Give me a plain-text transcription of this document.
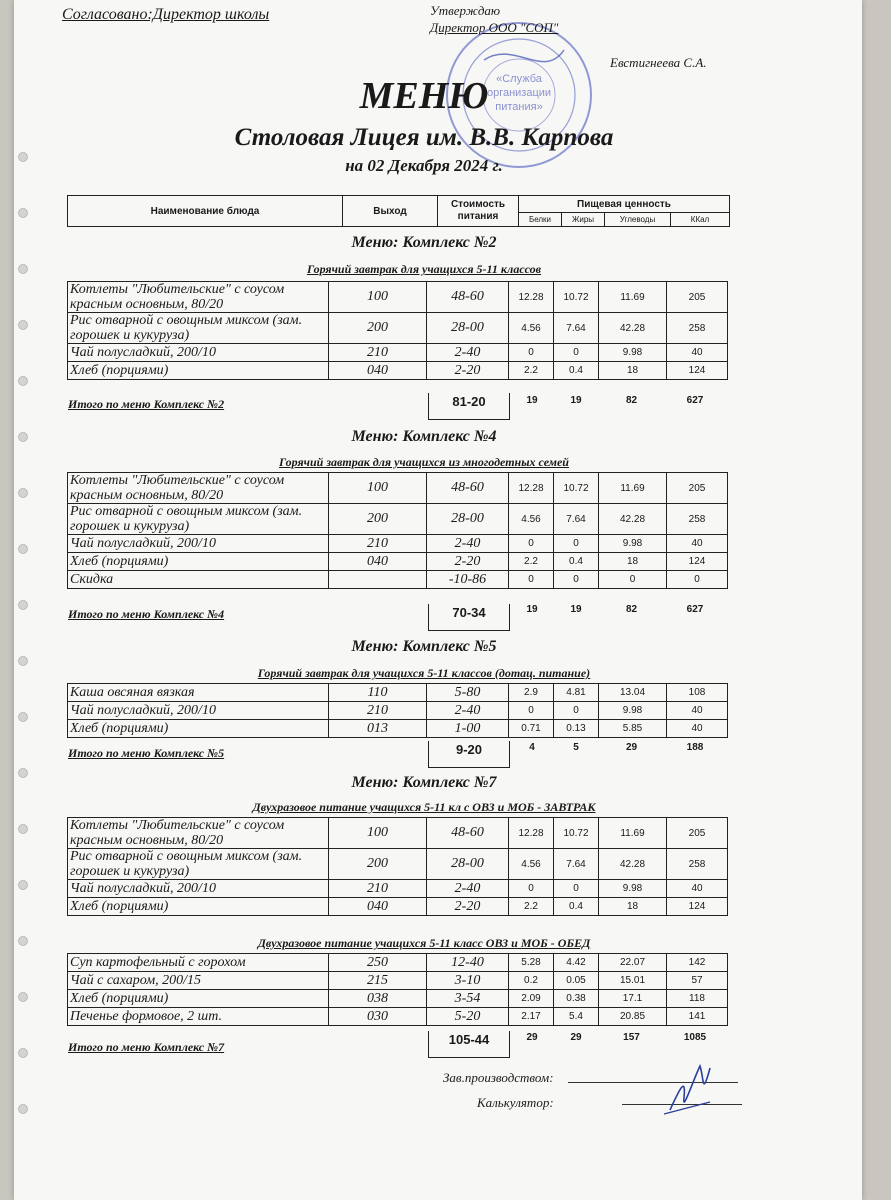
Согласовано:Директор школы
«Служба
организации
питания»
Утверждаю
Директор ООО "СОП"
Евстигнеева С.А.
МЕНЮ
Столовая Лицея им. В.В. Карпова
на 02 Декабря 2024 г.
Наименование блюда	Выход	Стоимость питания	Пищевая ценность			
			Белки	Жиры	Углеводы	ККал
Меню: Комплекс №2
Горячий завтрак для учащихся 5-11 классов
Котлеты "Любительские" с соусом красным основным, 80/20	100	48-60	12.28	10.72	11.69	205
Рис отварной с овощным миксом (зам. горошек и кукуруза)	200	28-00	4.56	7.64	42.28	258
Чай полусладкий, 200/10	210	2-40	0	0	9.98	40
Хлеб (порциями)	040	2-20	2.2	0.4	18	124
Итого по меню Комплекс №2	81-20	19	19	82	627
Меню: Комплекс №4
Горячий завтрак для учащихся из многодетных семей
Котлеты "Любительские" с соусом красным основным, 80/20	100	48-60	12.28	10.72	11.69	205
Рис отварной с овощным миксом (зам. горошек и кукуруза)	200	28-00	4.56	7.64	42.28	258
Чай полусладкий, 200/10	210	2-40	0	0	9.98	40
Хлеб (порциями)	040	2-20	2.2	0.4	18	124
Скидка		-10-86	0	0	0	0
Итого по меню Комплекс №4	70-34	19	19	82	627
Меню: Комплекс №5
Горячий завтрак для учащихся 5-11 классов (дотац. питание)
Каша овсяная вязкая	110	5-80	2.9	4.81	13.04	108
Чай полусладкий, 200/10	210	2-40	0	0	9.98	40
Хлеб (порциями)	013	1-00	0.71	0.13	5.85	40
Итого по меню Комплекс №5	9-20	4	5	29	188
Меню: Комплекс №7
Двухразовое питание учащихся 5-11 кл с ОВЗ и МОБ - ЗАВТРАК
Котлеты "Любительские" с соусом красным основным, 80/20	100	48-60	12.28	10.72	11.69	205
Рис отварной с овощным миксом (зам. горошек и кукуруза)	200	28-00	4.56	7.64	42.28	258
Чай полусладкий, 200/10	210	2-40	0	0	9.98	40
Хлеб (порциями)	040	2-20	2.2	0.4	18	124
Двухразовое питание учащихся 5-11 класс ОВЗ и МОБ - ОБЕД
Суп картофельный с горохом	250	12-40	5.28	4.42	22.07	142
Чай с сахаром, 200/15	215	3-10	0.2	0.05	15.01	57
Хлеб (порциями)	038	3-54	2.09	0.38	17.1	118
Печенье формовое, 2 шт.	030	5-20	2.17	5.4	20.85	141
Итого по меню Комплекс №7	105-44	29	29	157	1085
Зав.производством:
Калькулятор:
